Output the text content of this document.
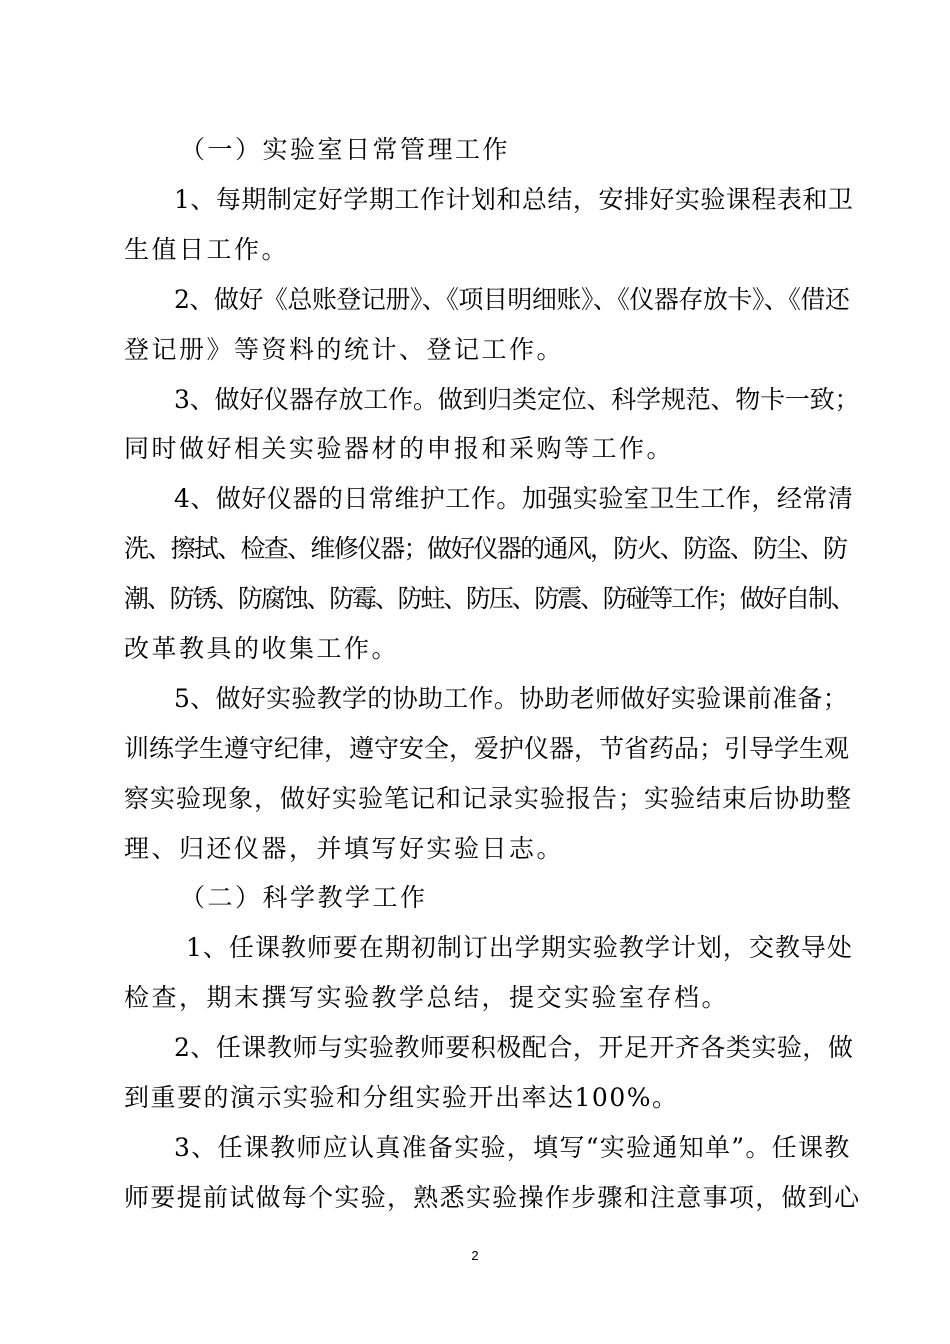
（一）实验室日常管理工作
1、每期制定好学期工作计划和总结，安排好实验课程表和卫
生值日工作。
2、做好《总账登记册》、《项目明细账》、《仪器存放卡》、《借还
登记册》等资料的统计、登记工作。
3、做好仪器存放工作。做到归类定位、科学规范、物卡一致；
同时做好相关实验器材的申报和采购等工作。
4、做好仪器的日常维护工作。加强实验室卫生工作，经常清
洗、擦拭、检查、维修仪器；做好仪器的通风，防火、防盗、防尘、防
潮、防锈、防腐蚀、防霉、防蛀、防压、防震、防碰等工作；做好自制、
改革教具的收集工作。
5、做好实验教学的协助工作。协助老师做好实验课前准备；
训练学生遵守纪律，遵守安全，爱护仪器，节省药品；引导学生观
察实验现象，做好实验笔记和记录实验报告；实验结束后协助整
理、归还仪器，并填写好实验日志。
（二）科学教学工作
1、任课教师要在期初制订出学期实验教学计划，交教导处
检查，期末撰写实验教学总结，提交实验室存档。
2、任课教师与实验教师要积极配合，开足开齐各类实验，做
到重要的演示实验和分组实验开出率达100%。
3、任课教师应认真准备实验，填写“实验通知单”。任课教
师要提前试做每个实验，熟悉实验操作步骤和注意事项，做到心
2
